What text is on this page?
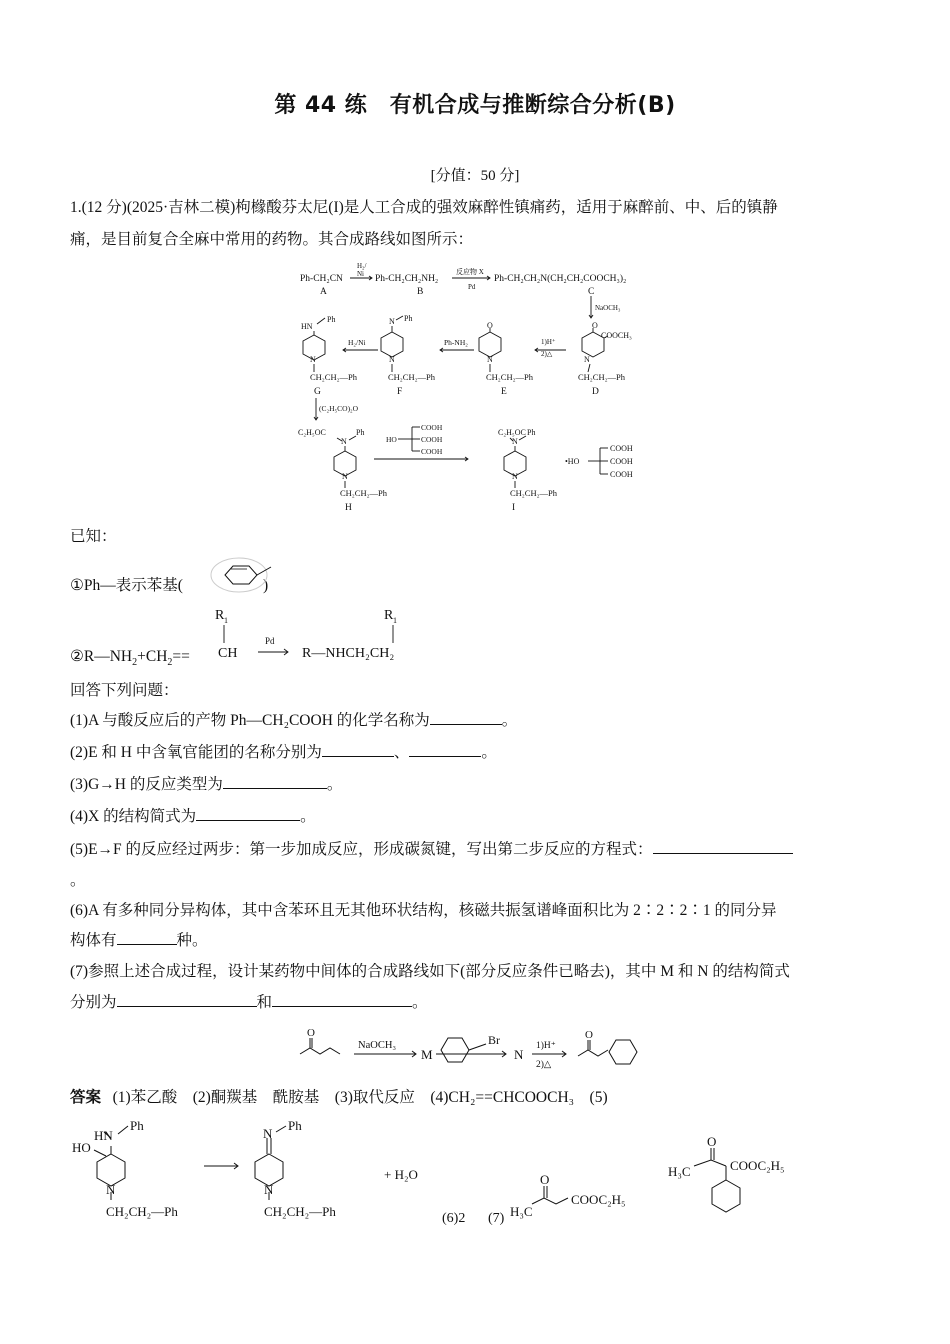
第 44 练　有机合成与推断综合分析(B)
[分值：50 分]
1.(12 分)(2025·吉林二模)枸橼酸芬太尼(I)是人工合成的强效麻醉性镇痛药，适用于麻醉前、中、后的镇静
痛，是目前复合全麻中常用的药物。其合成路线如图所示：
Ph-CH₂CN
A
H₂/
Ni Ph-CH₂CH₂NH₂
B
反应物 X
Pd
Ph-CH₂CH₂N(CH₂CH₂COOCH₃)₂
C
NaOCH₃
O
COOCH₃
N
CH₂CH₂—Ph
D
1)H⁺
2)△
O
N
CH₂CH₂—Ph
E
Ph-NH₂
N Ph
N
CH₂CH₂—Ph
F
H₂/Ni
HN
Ph
N
CH₂CH₂—Ph
G
(C₂H₅CO)₂O
C₂H₅OC
N
Ph
N
CH₂CH₂—Ph
H
HO
COOH
COOH
COOH
C₂H₅OC
N
Ph
N
CH₂CH₂—Ph
I
•HO
COOH
COOH
COOH
已知：
①Ph—表示苯基(	)
$②R—NH_2+CH_2==$
R 1
CH
Pd
R—NHCH₂CH₂
R 1
回答下列问题：
(1)A 与酸反应后的产物 Ph—CH₂COOH 的化学名称为	。
(2)E 和 H 中含氧官能团的名称分别为	、	。
(3)G→H 的反应类型为	。
(4)X 的结构简式为	。
(5)E→F 的反应经过两步：第一步加成反应，形成碳氮键，写出第二步反应的方程式：
。
(6)A 有多种同分异构体，其中含苯环且无其他环状结构，核磁共振氢谱峰面积比为 2∶2∶2∶1 的同分异
构体有	种。
(7)参照上述合成过程，设计某药物中间体的合成路线如下(部分反应条件已略去)，其中 M 和 N 的结构简式
分别为	和	。
O
NaOCH₃
M
Br
N
1)H⁺
2)△
O
答案 (1)苯乙酸　(2)酮羰基　酰胺基　(3)取代反应　(4)CH₂==CHCOOCH₃　(5)
HN
Ph
HO
N
CH₂CH₂—Ph
N
Ph
N
CH₂CH₂—Ph
+ H₂O
(6)2 (7) H₃C
O
COOC₂H₅
H₃C
O
COOC₂H₅
